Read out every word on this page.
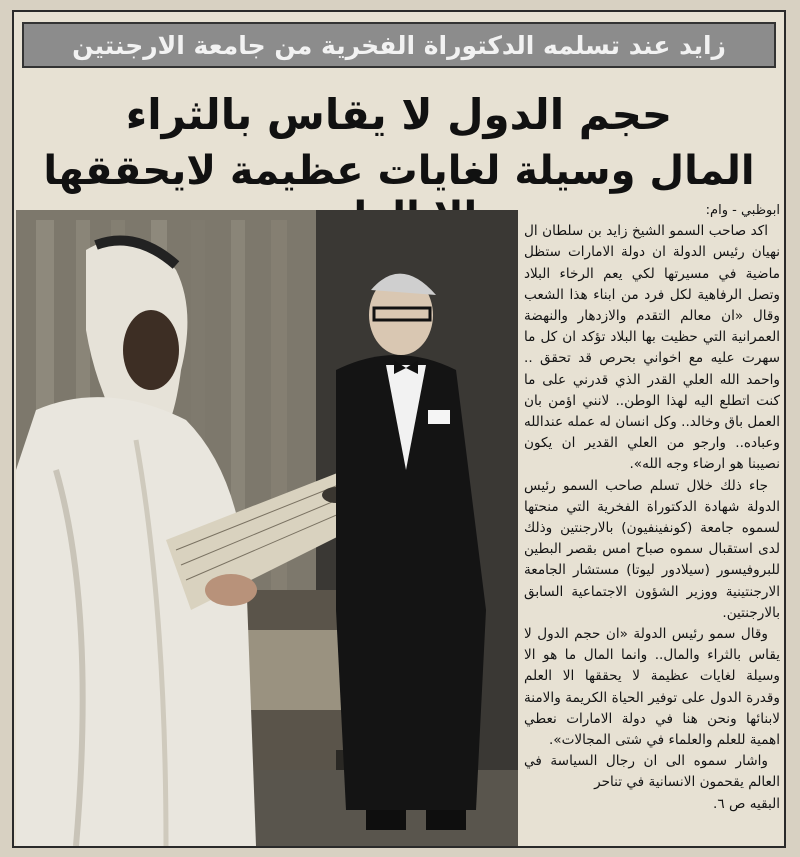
زايد عند تسلمه الدكتوراة الفخرية من جامعة الارجنتين
حجم الدول لا يقاس بالثراء
المال وسيلة لغايات عظيمة لايحققها

ابوظبي - وام:

اكد صاحب السمو الشيخ زايد بن سلطان ال نهيان رئيس الدولة ان دولة الامارات ستظل ماضية في مسيرتها لكي يعم الرخاء البلاد وتصل الرفاهية لكل فرد من ابناء هذا الشعب وقال «ان معالم التقدم والازدهار والنهضة العمرانية التي حظيت بها البلاد تؤكد ان كل ما سهرت عليه مع اخواني بحرص قد تحقق .. واحمد الله العلي القدر الذي قدرني على ما كنت اتطلع اليه لهذا الوطن.. لانني اؤمن بان العمل باق وخالد.. وكل انسان له عمله عندالله وعباده.. وارجو من العلي القدير ان يكون نصيبنا هو ارضاء وجه الله».

جاء ذلك خلال تسلم صاحب السمو رئيس الدولة شهادة الدكتوراة الفخرية التي منحتها لسموه جامعة (كونفينفيون) بالارجنتين وذلك لدى استقبال سموه صباح امس بقصر البطين للبروفيسور (سيلادور ليوتا) مستشار الجامعة الارجنتينية ووزير الشؤون الاجتماعية السابق بالارجنتين.

وقال سمو رئيس الدولة «ان حجم الدول لا يقاس بالثراء والمال.. وانما المال ما هو الا وسيلة لغايات عظيمة لا يحققها الا العلم وقدرة الدول على توفير الحياة الكريمة والامنة لابنائها ونحن هنا في دولة الامارات نعطي اهمية للعلم والعلماء في شتى المجالات».

واشار سموه الى ان رجال السياسة في العالم يقحمون الانسانية في تناحر

البقيه ص ٦.
